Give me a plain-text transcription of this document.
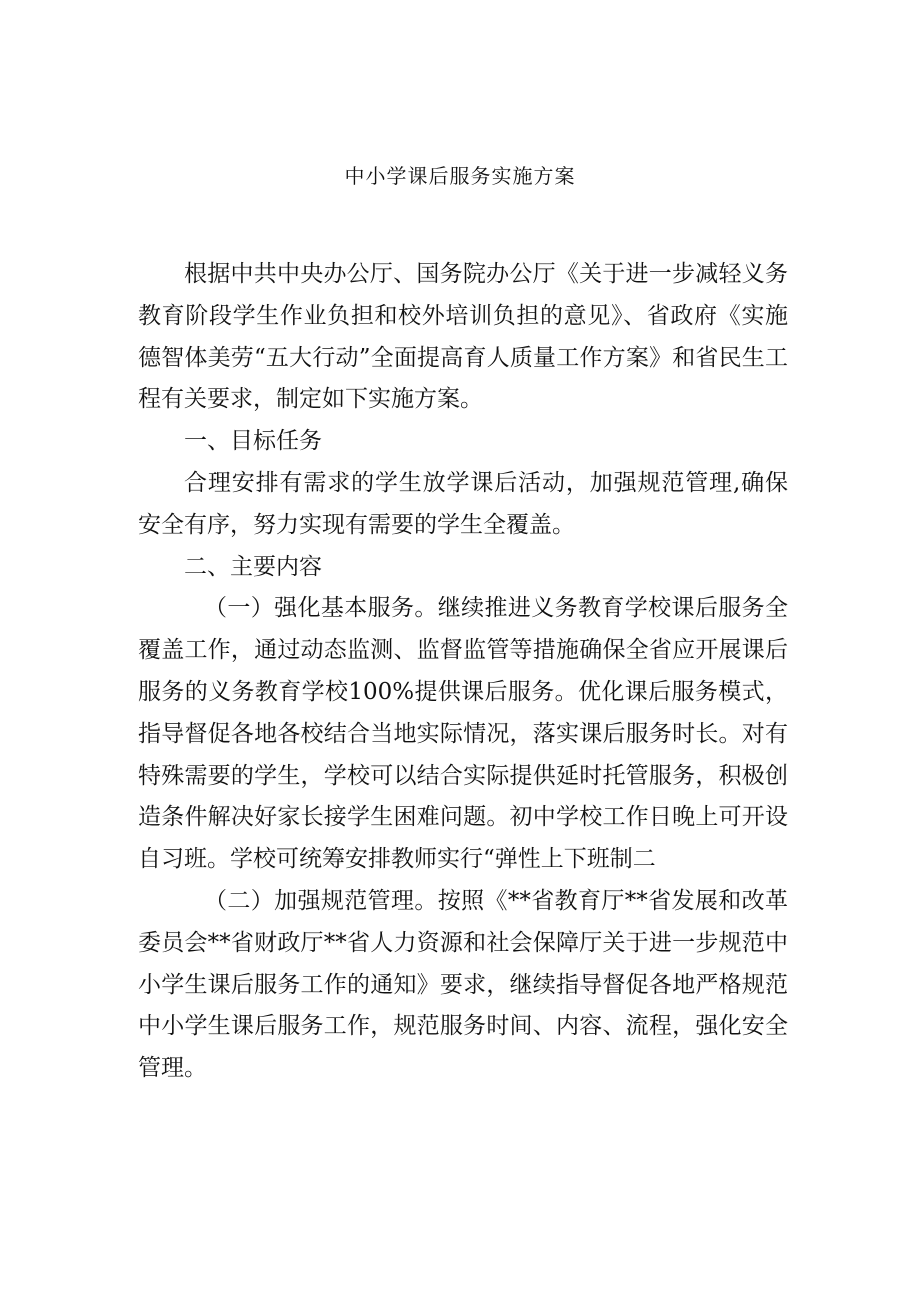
中小学课后服务实施方案

根据中共中央办公厅、国务院办公厅《关于进一步减轻义务教育阶段学生作业负担和校外培训负担的意见》、省政府《实施德智体美劳“五大行动”全面提高育人质量工作方案》和省民生工程有关要求，制定如下实施方案。

一、目标任务

合理安排有需求的学生放学课后活动，加强规范管理,确保安全有序，努力实现有需要的学生全覆盖。

二、主要内容

（一）强化基本服务。继续推进义务教育学校课后服务全覆盖工作，通过动态监测、监督监管等措施确保全省应开展课后服务的义务教育学校100%提供课后服务。优化课后服务模式，指导督促各地各校结合当地实际情况，落实课后服务时长。对有特殊需要的学生，学校可以结合实际提供延时托管服务，积极创造条件解决好家长接学生困难问题。初中学校工作日晚上可开设自习班。学校可统筹安排教师实行“弹性上下班制二

（二）加强规范管理。按照《**省教育厅**省发展和改革委员会**省财政厅**省人力资源和社会保障厅关于进一步规范中小学生课后服务工作的通知》要求，继续指导督促各地严格规范中小学生课后服务工作，规范服务时间、内容、流程，强化安全管理。
